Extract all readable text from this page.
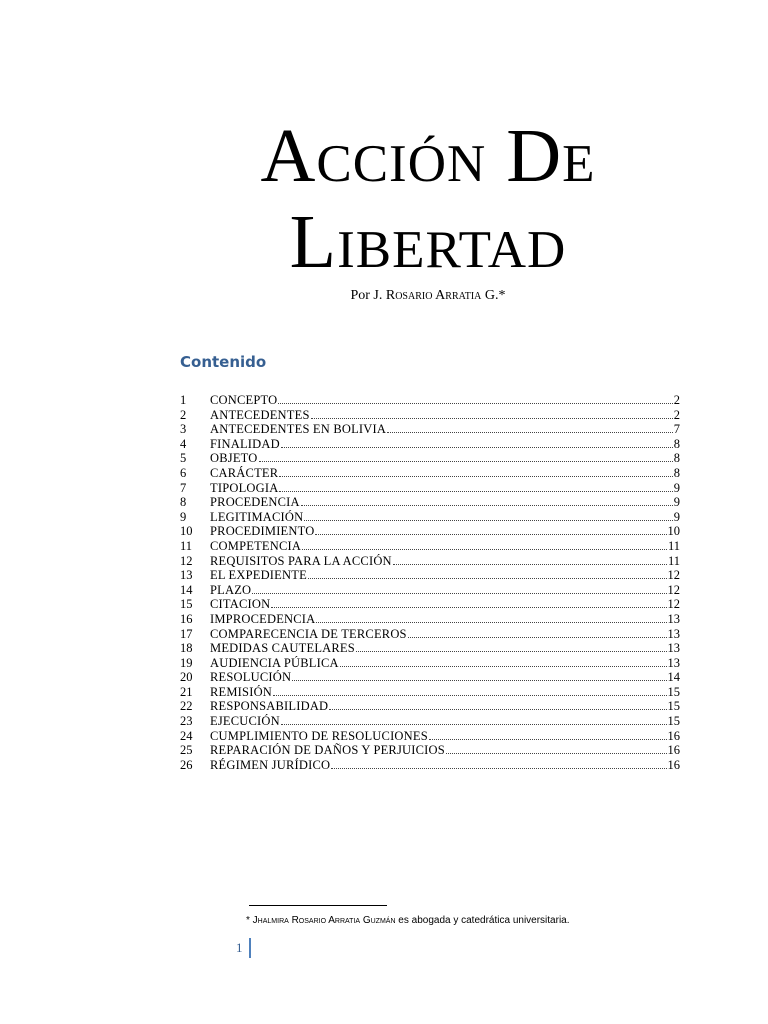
Acción De
Libertad
Por J. Rosario Arratia G.*
Contenido
1	CONCEPTO	2
2	ANTECEDENTES	2
3	ANTECEDENTES EN BOLIVIA	7
4	FINALIDAD	8
5	OBJETO	8
6	CARÁCTER	8
7	TIPOLOGIA	9
8	PROCEDENCIA	9
9	LEGITIMACIÓN	9
10	PROCEDIMIENTO	10
11	COMPETENCIA	11
12	REQUISITOS PARA LA ACCIÓN	11
13	EL EXPEDIENTE	12
14	PLAZO	12
15	CITACION	12
16	IMPROCEDENCIA	13
17	COMPARECENCIA DE TERCEROS	13
18	MEDIDAS CAUTELARES	13
19	AUDIENCIA PÚBLICA	13
20	RESOLUCIÓN	14
21	REMISIÓN	15
22	RESPONSABILIDAD	15
23	EJECUCIÓN	15
24	CUMPLIMIENTO DE RESOLUCIONES	16
25	REPARACIÓN DE DAÑOS Y PERJUICIOS	16
26	RÉGIMEN JURÍDICO	16
* Jhalmira Rosario Arratia Guzmán es abogada y catedrática universitaria.
1
